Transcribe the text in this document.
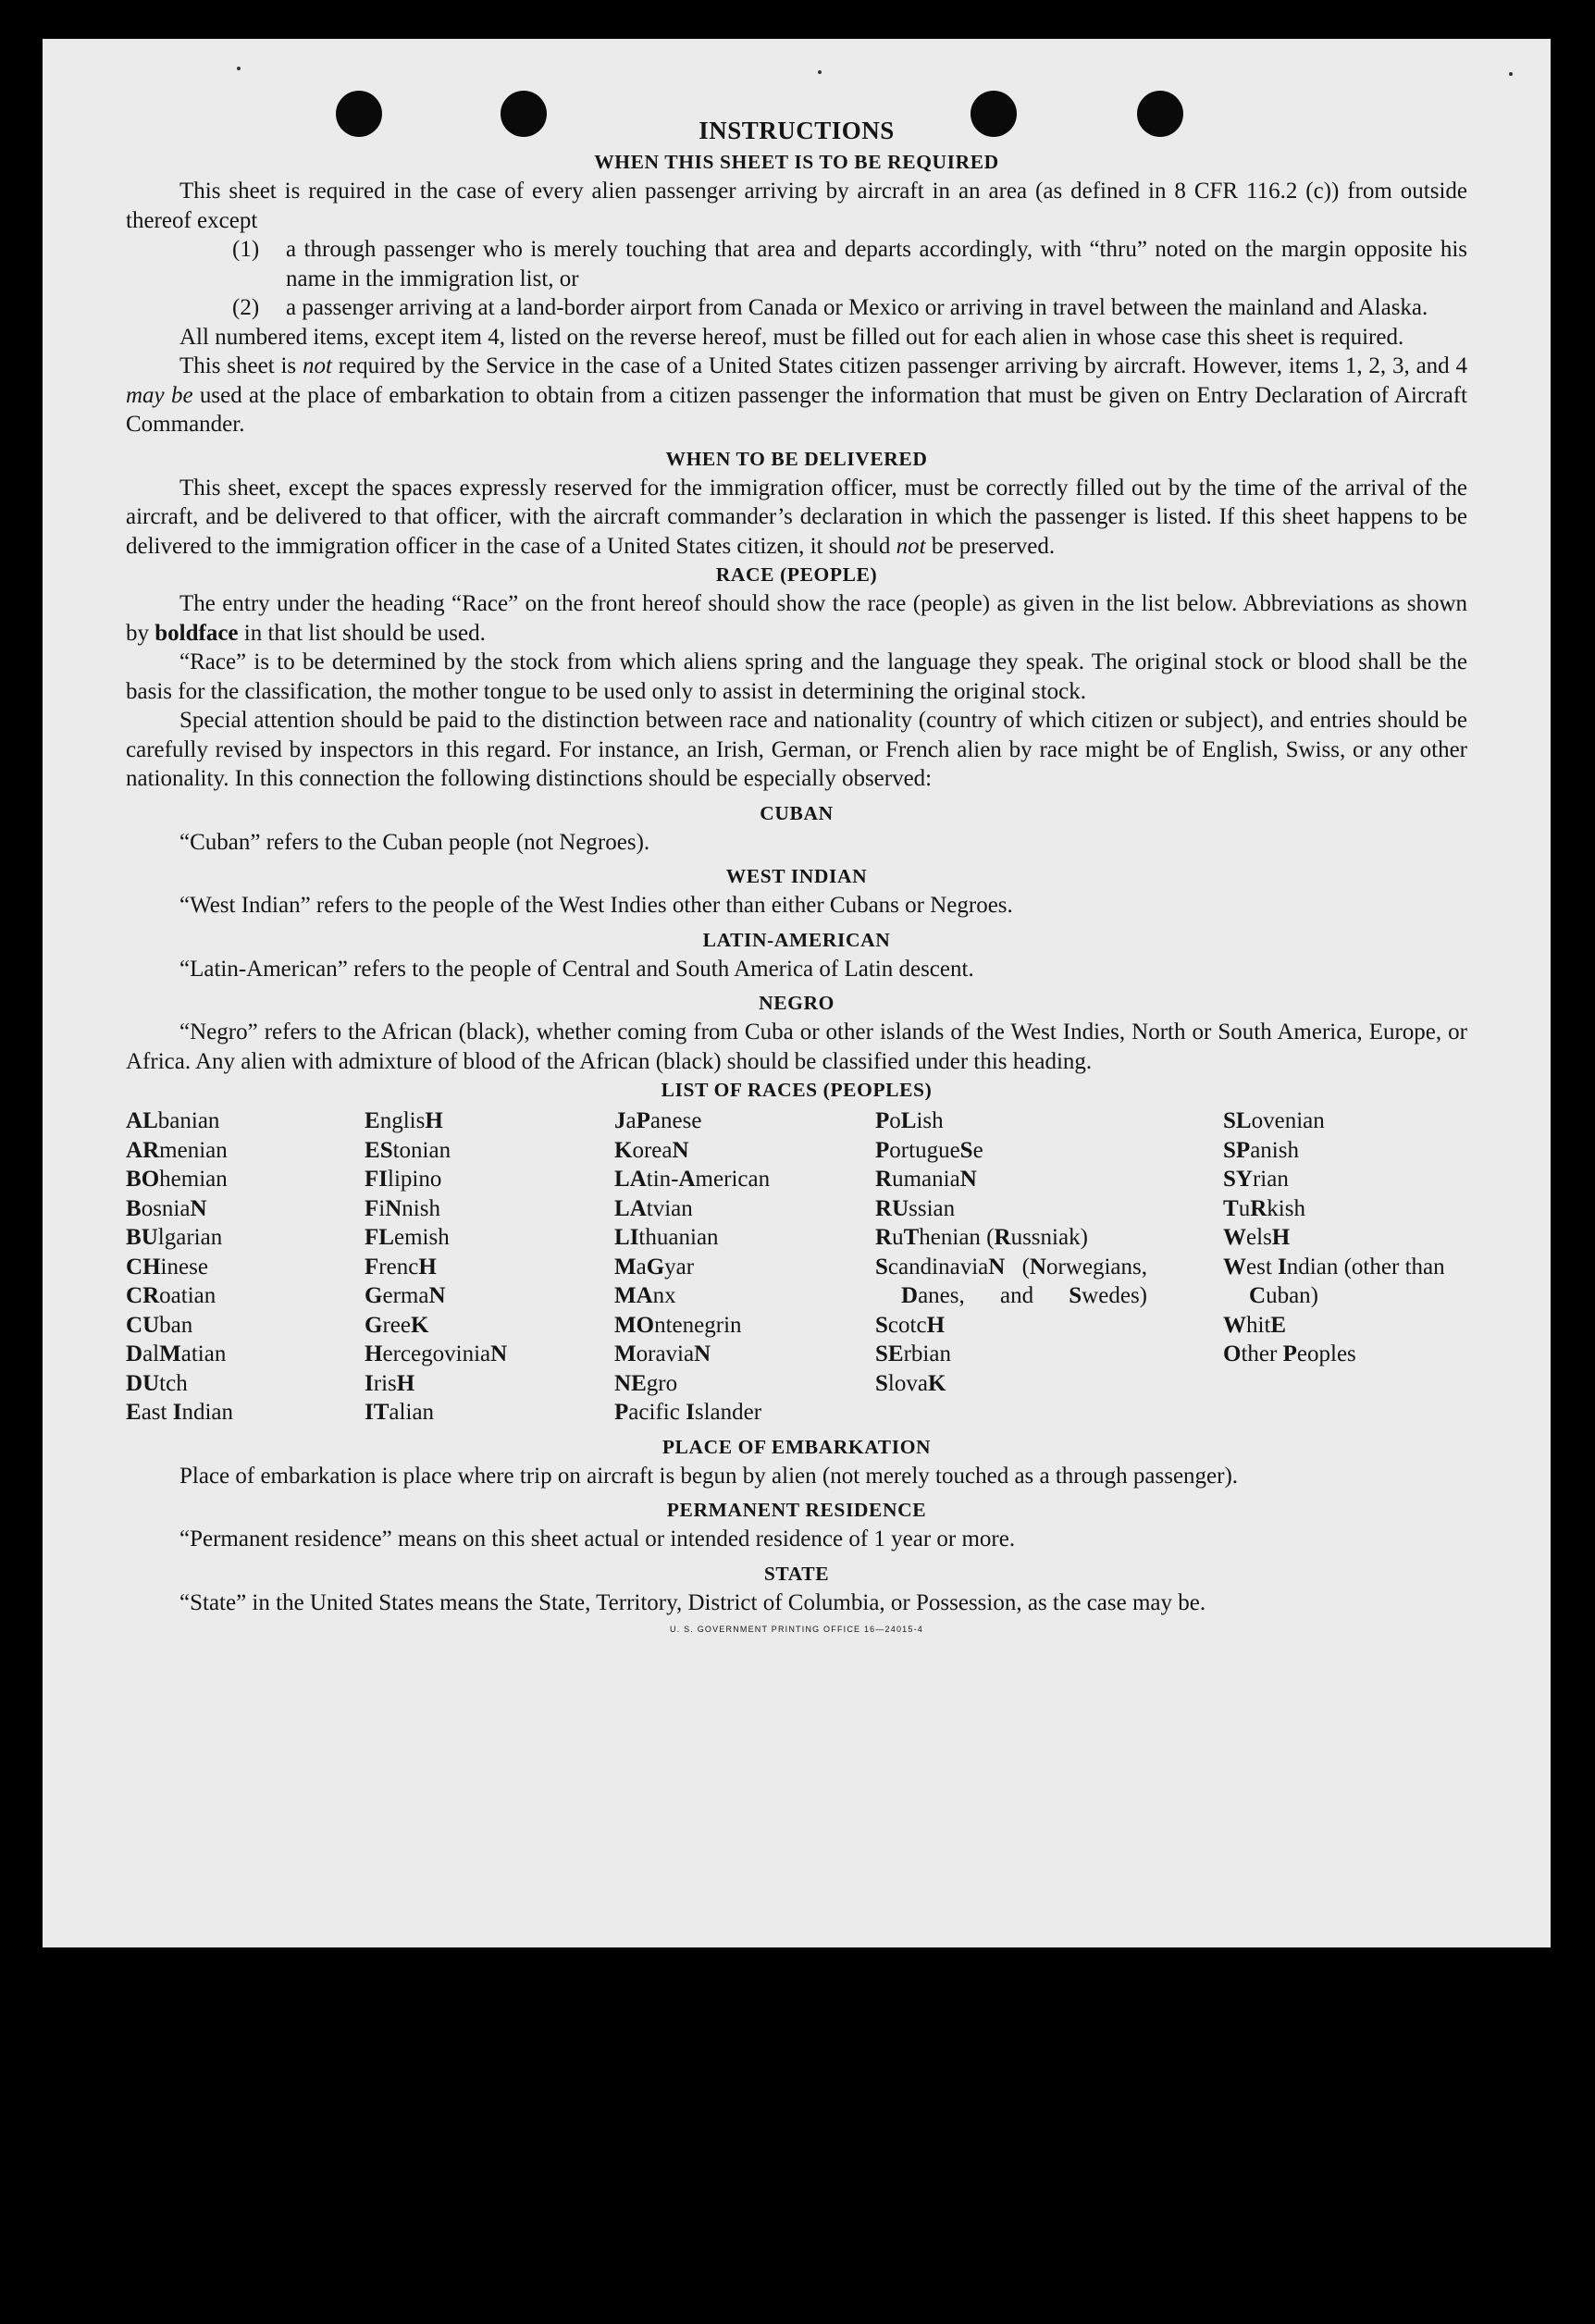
INSTRUCTIONS
WHEN THIS SHEET IS TO BE REQUIRED

This sheet is required in the case of every alien passenger arriving by aircraft in an area (as defined in 8 CFR 116.2 (c)) from outside thereof except

(1)	a through passenger who is merely touching that area and departs accordingly, with “thru” noted on the margin opposite his name in the immigration list, or
(2)	a passenger arriving at a land-border airport from Canada or Mexico or arriving in travel between the mainland and Alaska.

All numbered items, except item 4, listed on the reverse hereof, must be filled out for each alien in whose case this sheet is required.

This sheet is not required by the Service in the case of a United States citizen passenger arriving by aircraft. However, items 1, 2, 3, and 4 may be used at the place of embarkation to obtain from a citizen passenger the information that must be given on Entry Declaration of Aircraft Commander.

WHEN TO BE DELIVERED

This sheet, except the spaces expressly reserved for the immigration officer, must be correctly filled out by the time of the arrival of the aircraft, and be delivered to that officer, with the aircraft commander’s declaration in which the passenger is listed. If this sheet happens to be delivered to the immigration officer in the case of a United States citizen, it should not be preserved.

RACE (PEOPLE)

The entry under the heading “Race” on the front hereof should show the race (people) as given in the list below. Abbreviations as shown by boldface in that list should be used.

“Race” is to be determined by the stock from which aliens spring and the language they speak. The original stock or blood shall be the basis for the classification, the mother tongue to be used only to assist in determining the original stock.

Special attention should be paid to the distinction between race and nationality (country of which citizen or subject), and entries should be carefully revised by inspectors in this regard. For instance, an Irish, German, or French alien by race might be of English, Swiss, or any other nationality. In this connection the following distinctions should be especially observed:

CUBAN

“Cuban” refers to the Cuban people (not Negroes).

WEST INDIAN

“West Indian” refers to the people of the West Indies other than either Cubans or Negroes.

LATIN-AMERICAN

“Latin-American” refers to the people of Central and South America of Latin descent.

NEGRO

“Negro” refers to the African (black), whether coming from Cuba or other islands of the West Indies, North or South America, Europe, or Africa. Any alien with admixture of blood of the African (black) should be classified under this heading.

LIST OF RACES (PEOPLES)
ALbanian
ARmenian
BOhemian
BosniaN
BUlgarian
CHinese
CRoatian
CUban
DalMatian
DUtch
East Indian
EnglisH
EStonian
FIlipino
FiNnish
FLemish
FrencH
GermaN
GreeK
HercegoviniaN
IrisH
ITalian
JaPanese
KoreaN
LAtin-American
LAtvian
LIthuanian
MaGyar
MAnx
MOntenegrin
MoraviaN
NEgro
Pacific Islander
PoLish
PortugueSe
RumaniaN
RUssian
RuThenian (Russniak)
ScandinaviaN (Norwegians, Danes, and Swedes)
ScotcH
SErbian
SlovaK
SLovenian
SPanish
SYrian
TuRkish
WelsH
West Indian (other than Cuban)
WhitE
Other Peoples
PLACE OF EMBARKATION

Place of embarkation is place where trip on aircraft is begun by alien (not merely touched as a through passenger).

PERMANENT RESIDENCE

“Permanent residence” means on this sheet actual or intended residence of 1 year or more.

STATE

“State” in the United States means the State, Territory, District of Columbia, or Possession, as the case may be.

U. S. GOVERNMENT PRINTING OFFICE 16—24015-4
